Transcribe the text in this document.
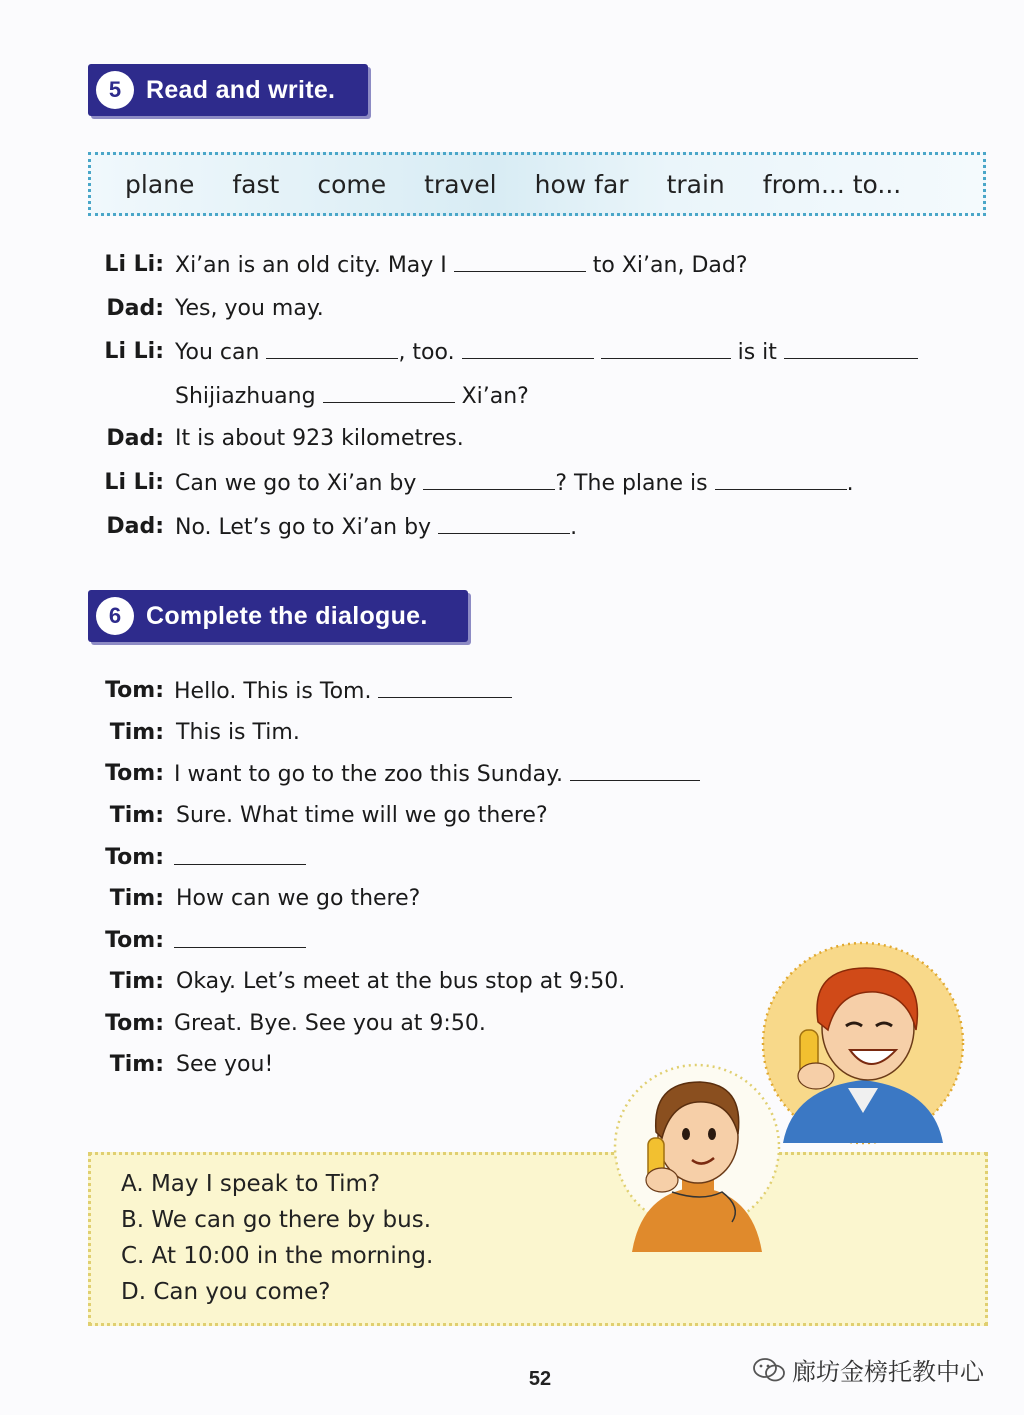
5 Read and write.
plane fast come travel how far train from... to...
Li Li: Xi’an is an old city. May I	to Xi’an, Dad?
Dad: Yes, you may.
Li Li: You can	, too.	is it
Shijiazhuang	Xi’an?
Dad: It is about 923 kilometres.
Li Li: Can we go to Xi’an by	? The plane is	.
Dad: No. Let’s go to Xi’an by	.
6 Complete the dialogue.
Tom: Hello. This is Tom.
Tim: This is Tim.
Tom: I want to go to the zoo this Sunday.
Tim: Sure. What time will we go there?
Tom:
Tim: How can we go there?
Tom:
Tim: Okay. Let’s meet at the bus stop at 9:50.
Tom: Great. Bye. See you at 9:50.
Tim: See you!
A. May I speak to Tim?
B. We can go there by bus.
C. At 10:00 in the morning.
D. Can you come?
52	廊坊金榜托教中心
